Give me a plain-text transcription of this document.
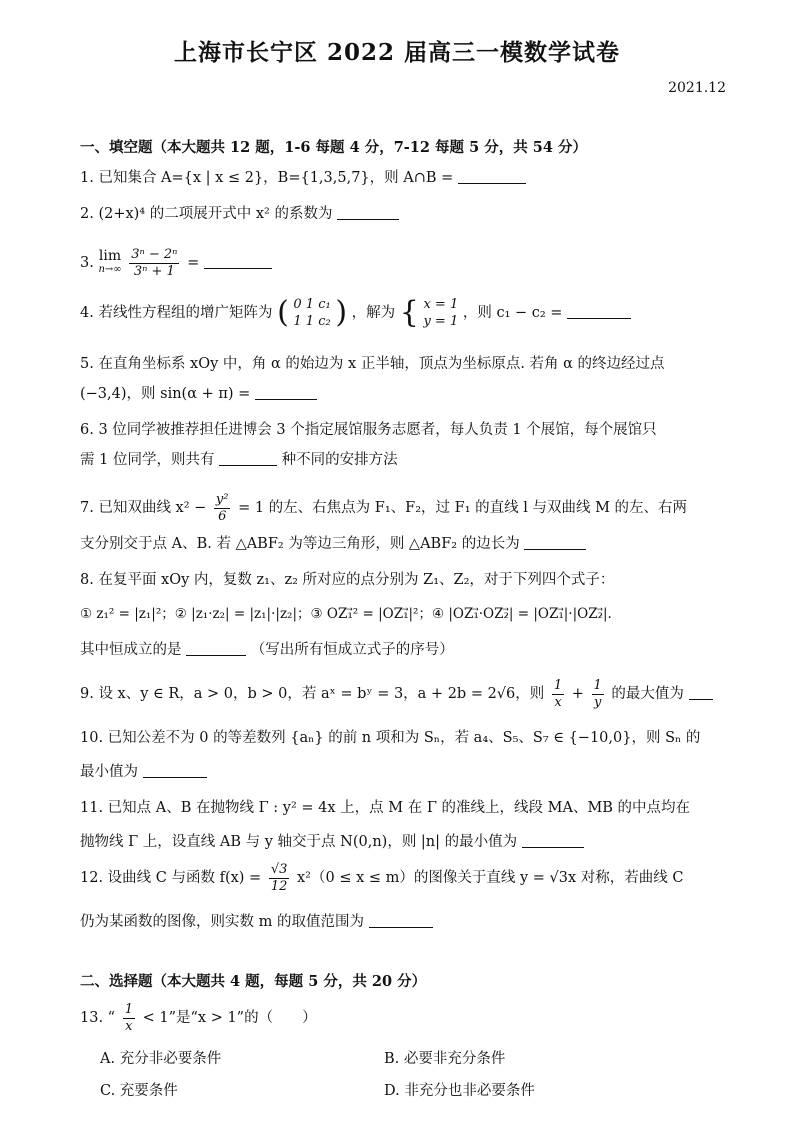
上海市长宁区 2022 届高三一模数学试卷
2021.12
一、填空题（本大题共 12 题，1-6 每题 4 分，7-12 每题 5 分，共 54 分）
1. 已知集合 A={x | x ≤ 2}，B={1,3,5,7}，则 A∩B =
2. (2+x)⁴ 的二项展开式中 x² 的系数为
3. lim
n→∞
$\frac{\text{3ⁿ − 2ⁿ}}{\text{3ⁿ + 1}}$ =
4. 若线性方程组的增广矩阵为 ( 0 1 c₁
1 1 c₂ ) ，解为 { x = 1
y = 1
，则 c₁ − c₂ =
5. 在直角坐标系 xOy 中，角 α 的始边为 x 正半轴，顶点为坐标原点. 若角 α 的终边经过点
(−3,4)，则 sin(α + π) =
6. 3 位同学被推荐担任进博会 3 个指定展馆服务志愿者，每人负责 1 个展馆，每个展馆只
需 1 位同学，则共有	种不同的安排方法
7. 已知双曲线 $x^2 - \frac{\text{y²}}{6} = 1$ 的左、右焦点为 F₁、F₂，过 F₁ 的直线 l 与双曲线 M 的左、右两
支分别交于点 A、B. 若 △ABF₂ 为等边三角形，则 △ABF₂ 的边长为
8. 在复平面 xOy 内，复数 z₁、z₂ 所对应的点分别为 Z₁、Z₂，对于下列四个式子：
① z₁² = |z₁|²；② |z₁·z₂| = |z₁|·|z₂|；③ OZ₁⃗² = |OZ₁⃗|²；④ |OZ₁⃗·OZ₂⃗| = |OZ₁⃗|·|OZ₂⃗|.
其中恒成立的是	（写出所有恒成立式子的序号）
9. 设 x、y ∈ R，a > 0，b > 0，若 aˣ = bʸ = 3，a + 2b = 2√6，则 $\frac{1}{x} + \frac{1}{y}$ 的最大值为
10. 已知公差不为 0 的等差数列 {aₙ} 的前 n 项和为 Sₙ，若 a₄、S₅、S₇ ∈ {−10,0}，则 Sₙ 的
最小值为
11. 已知点 A、B 在抛物线 Γ : y² = 4x 上，点 M 在 Γ 的准线上，线段 MA、MB 的中点均在
抛物线 Γ 上，设直线 AB 与 y 轴交于点 N(0,n)，则 |n| 的最小值为
12. 设曲线 C 与函数 $f(x) = \frac{√3}{12} x^2(0 \le x \le m)$的图像关于直线 y = √3x 对称，若曲线 C
仍为某函数的图像，则实数 m 的取值范围为
二、选择题（本大题共 4 题，每题 5 分，共 20 分）
13. “ $\frac{1}{x} < 1$”是“x > 1”的（　　）
A. 充分非必要条件	B. 必要非充分条件
C. 充要条件	D. 非充分也非必要条件
